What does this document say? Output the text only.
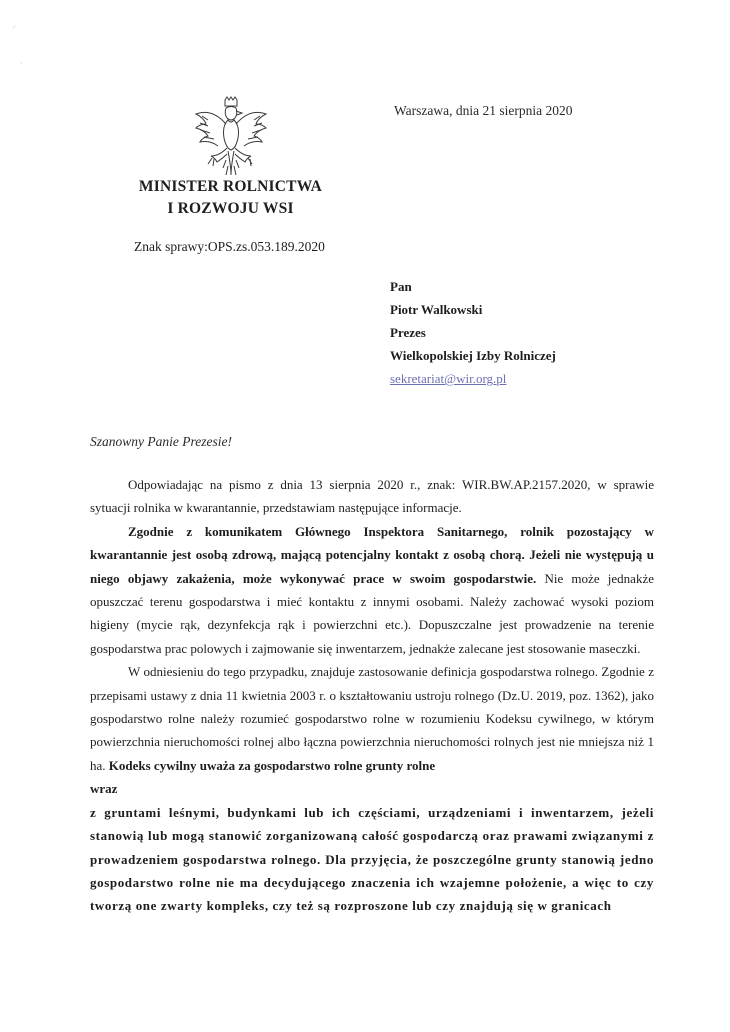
⸝
·
Warszawa, dnia 21 sierpnia 2020
MINISTER ROLNICTWA
I ROZWOJU WSI
Znak sprawy:OPS.zs.053.189.2020
Pan
Piotr Walkowski
Prezes
Wielkopolskiej Izby Rolniczej
sekretariat@wir.org.pl
Szanowny Panie Prezesie!

Odpowiadając na pismo z dnia 13 sierpnia 2020 r., znak: WIR.BW.AP.2157.2020, w sprawie sytuacji rolnika w kwarantannie, przedstawiam następujące informacje.

Zgodnie z komunikatem Głównego Inspektora Sanitarnego, rolnik pozostający w kwarantannie jest osobą zdrową, mającą potencjalny kontakt z osobą chorą. Jeżeli nie występują u niego objawy zakażenia, może wykonywać prace w swoim gospodarstwie. Nie może jednakże opuszczać terenu gospodarstwa i mieć kontaktu z innymi osobami. Należy zachować wysoki poziom higieny (mycie rąk, dezynfekcja rąk i powierzchni etc.). Dopuszczalne jest prowadzenie na terenie gospodarstwa prac polowych i zajmowanie się inwentarzem, jednakże zalecane jest stosowanie maseczki.

W odniesieniu do tego przypadku, znajduje zastosowanie definicja gospodarstwa rolnego. Zgodnie z przepisami ustawy z dnia 11 kwietnia 2003 r. o kształtowaniu ustroju rolnego (Dz.U. 2019, poz. 1362), jako gospodarstwo rolne należy rozumieć gospodarstwo rolne w rozumieniu Kodeksu cywilnego, w którym powierzchnia nieruchomości rolnej albo łączna powierzchnia nieruchomości rolnych jest nie mniejsza niż 1 ha. Kodeks cywilny uważa za gospodarstwo rolne grunty rolne

wraz

z gruntami leśnymi, budynkami lub ich częściami, urządzeniami i inwentarzem, jeżeli stanowią lub mogą stanowić zorganizowaną całość gospodarczą oraz prawami związanymi z prowadzeniem gospodarstwa rolnego. Dla przyjęcia, że poszczególne grunty stanowią jedno gospodarstwo rolne nie ma decydującego znaczenia ich wzajemne położenie, a więc to czy tworzą one zwarty kompleks, czy też są rozproszone lub czy znajdują się w granicach
